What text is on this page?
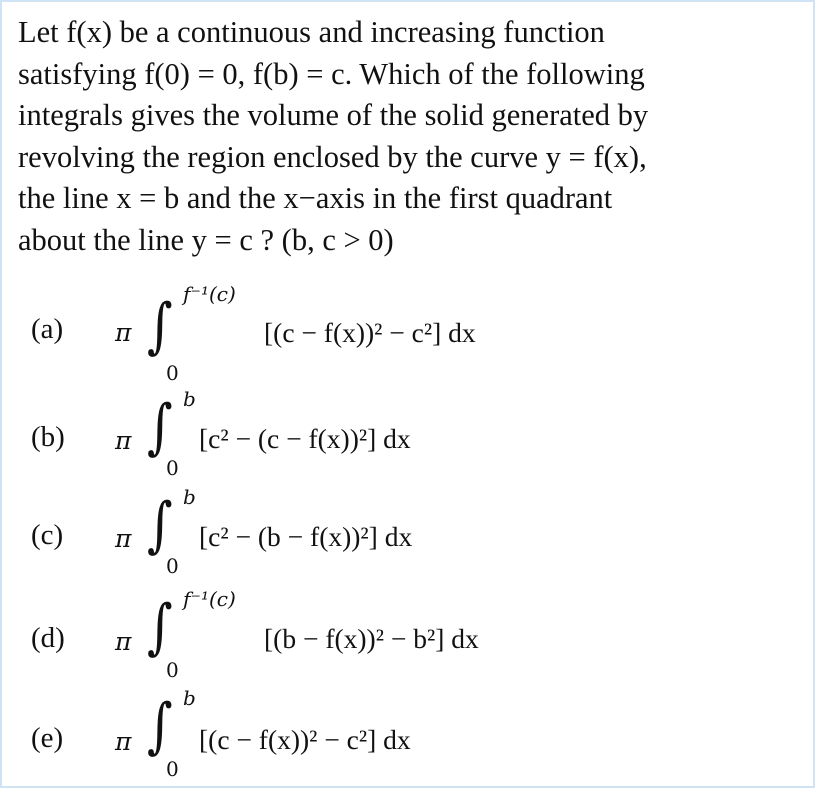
Let f(x) be a continuous and increasing function

satisfying f(0) = 0, f(b) = c. Which of the following

integrals gives the volume of the solid generated by

revolving the region enclosed by the curve y = f(x),

the line x = b and the x−axis in the first quadrant

about the line y = c ? (b, c > 0)

(a) π ∫ f⁻¹(c)
0
[(c − f(x))² − c²] dx
(b) π ∫ b
0
[c² − (c − f(x))²] dx
(c) π ∫ b
0
[c² − (b − f(x))²] dx
(d) π ∫ f⁻¹(c)
0
[(b − f(x))² − b²] dx
(e) π ∫ b
0
[(c − f(x))² − c²] dx
